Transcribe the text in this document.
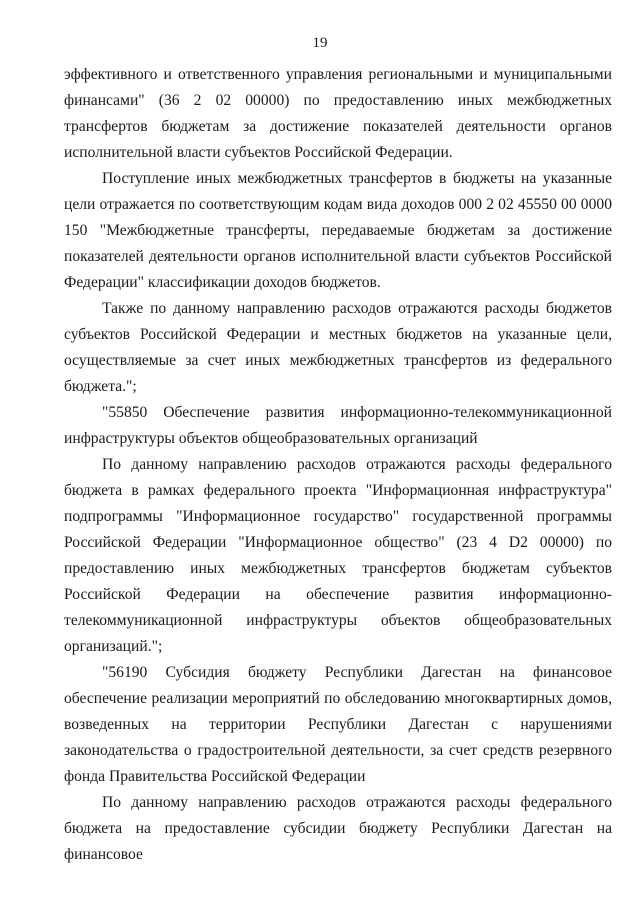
19

эффективного и ответственного управления региональными и муниципальными финансами" (36 2 02 00000) по предоставлению иных межбюджетных трансфертов бюджетам за достижение показателей деятельности органов исполнительной власти субъектов Российской Федерации.

Поступление иных межбюджетных трансфертов в бюджеты на указанные цели отражается по соответствующим кодам вида доходов 000 2 02 45550 00 0000 150 "Межбюджетные трансферты, передаваемые бюджетам за достижение показателей деятельности органов исполнительной власти субъектов Российской Федерации" классификации доходов бюджетов.

Также по данному направлению расходов отражаются расходы бюджетов субъектов Российской Федерации и местных бюджетов на указанные цели, осуществляемые за счет иных межбюджетных трансфертов из федерального бюджета.";

"55850 Обеспечение развития информационно-телекоммуникационной инфраструктуры объектов общеобразовательных организаций

По данному направлению расходов отражаются расходы федерального бюджета в рамках федерального проекта "Информационная инфраструктура" подпрограммы "Информационное государство" государственной программы Российской Федерации "Информационное общество" (23 4 D2 00000) по предоставлению иных межбюджетных трансфертов бюджетам субъектов Российской Федерации на обеспечение развития информационно-телекоммуникационной инфраструктуры объектов общеобразовательных организаций.";

"56190 Субсидия бюджету Республики Дагестан на финансовое обеспечение реализации мероприятий по обследованию многоквартирных домов, возведенных на территории Республики Дагестан с нарушениями законодательства о градостроительной деятельности, за счет средств резервного фонда Правительства Российской Федерации

По данному направлению расходов отражаются расходы федерального бюджета на предоставление субсидии бюджету Республики Дагестан на финансовое
